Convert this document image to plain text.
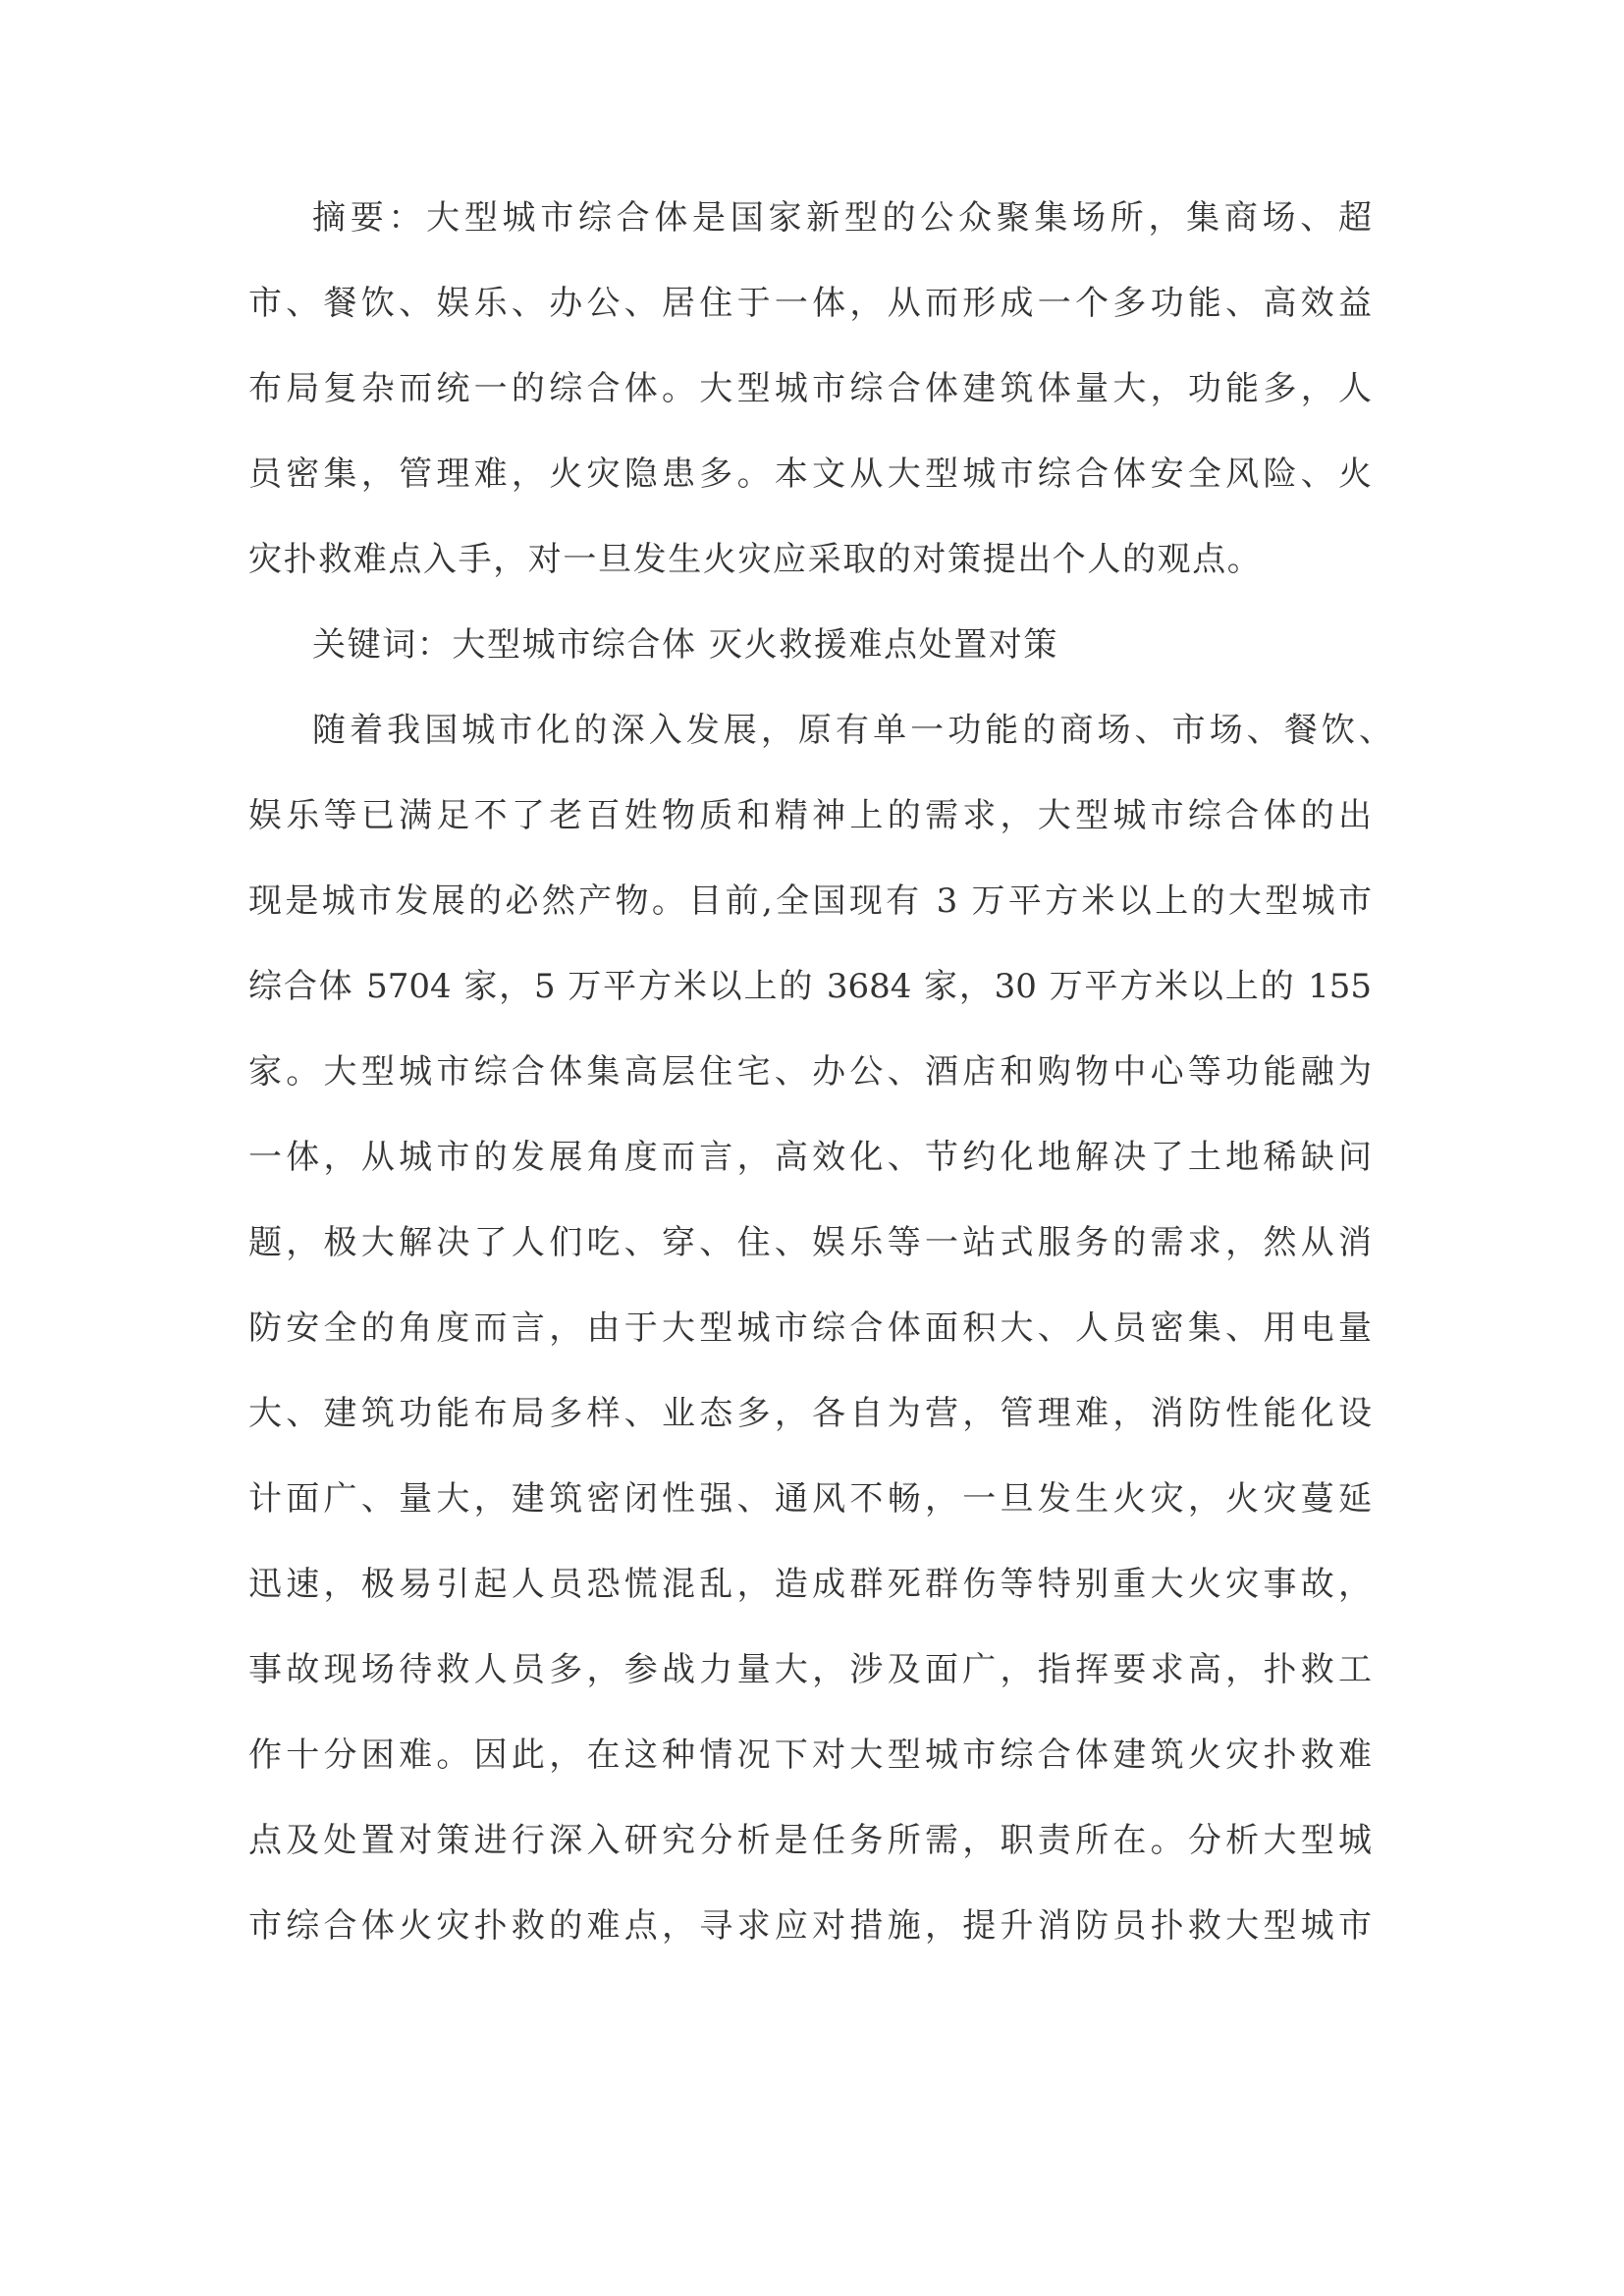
摘要：大型城市综合体是国家新型的公众聚集场所，集商场、超
市、餐饮、娱乐、办公、居住于一体，从而形成一个多功能、高效益
布局复杂而统一的综合体。大型城市综合体建筑体量大，功能多，人
员密集，管理难，火灾隐患多。本文从大型城市综合体安全风险、火
灾扑救难点入手，对一旦发生火灾应采取的对策提出个人的观点。
关键词：大型城市综合体 灭火救援难点处置对策
随着我国城市化的深入发展，原有单一功能的商场、市场、餐饮、
娱乐等已满足不了老百姓物质和精神上的需求，大型城市综合体的出
现是城市发展的必然产物。目前,全国现有 3 万平方米以上的大型城市
综合体 5704 家，5 万平方米以上的 3684 家，30 万平方米以上的 155
家。大型城市综合体集高层住宅、办公、酒店和购物中心等功能融为
一体，从城市的发展角度而言，高效化、节约化地解决了土地稀缺问
题，极大解决了人们吃、穿、住、娱乐等一站式服务的需求，然从消
防安全的角度而言，由于大型城市综合体面积大、人员密集、用电量
大、建筑功能布局多样、业态多，各自为营，管理难，消防性能化设
计面广、量大，建筑密闭性强、通风不畅，一旦发生火灾，火灾蔓延
迅速，极易引起人员恐慌混乱，造成群死群伤等特别重大火灾事故，
事故现场待救人员多，参战力量大，涉及面广，指挥要求高，扑救工
作十分困难。因此，在这种情况下对大型城市综合体建筑火灾扑救难
点及处置对策进行深入研究分析是任务所需，职责所在。分析大型城
市综合体火灾扑救的难点，寻求应对措施，提升消防员扑救大型城市
